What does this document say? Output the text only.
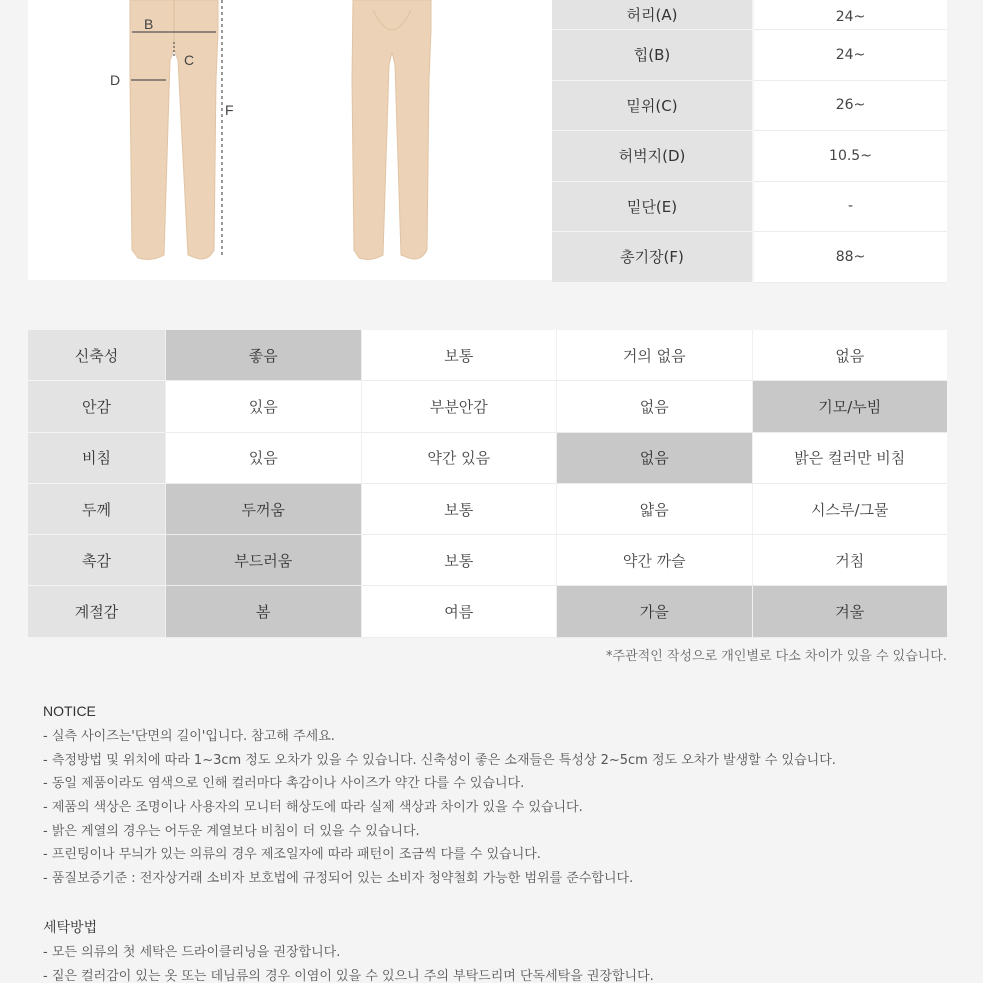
B
C
D
F
허리(A)	24~
힙(B)	24~
밑위(C)	26~
허벅지(D)	10.5~
밑단(E)	-
총기장(F)	88~
신축성	좋음	보통	거의 없음	없음
안감	있음	부분안감	없음	기모/누빔
비침	있음	약간 있음	없음	밝은 컬러만 비침
두께	두꺼움	보통	얇음	시스루/그물
촉감	부드러움	보통	약간 까슬	거침
계절감	봄	여름	가을	겨울
*주관적인 작성으로 개인별로 다소 차이가 있을 수 있습니다.
NOTICE
- 실측 사이즈는'단면의 길이'입니다. 참고해 주세요.
- 측정방법 및 위치에 따라 1~3cm 정도 오차가 있을 수 있습니다. 신축성이 좋은 소재들은 특성상 2~5cm 정도 오차가 발생할 수 있습니다.
- 동일 제품이라도 염색으로 인해 컬러마다 촉감이나 사이즈가 약간 다를 수 있습니다.
- 제품의 색상은 조명이나 사용자의 모니터 해상도에 따라 실제 색상과 차이가 있을 수 있습니다.
- 밝은 계열의 경우는 어두운 계열보다 비침이 더 있을 수 있습니다.
- 프린팅이나 무늬가 있는 의류의 경우 제조일자에 따라 패턴이 조금씩 다를 수 있습니다.
- 품질보증기준 : 전자상거래 소비자 보호법에 규정되어 있는 소비자 청약철회 가능한 범위를 준수합니다.
세탁방법
- 모든 의류의 첫 세탁은 드라이클리닝을 권장합니다.
- 짙은 컬러감이 있는 옷 또는 데님류의 경우 이염이 있을 수 있으니 주의 부탁드리며 단독세탁을 권장합니다.
